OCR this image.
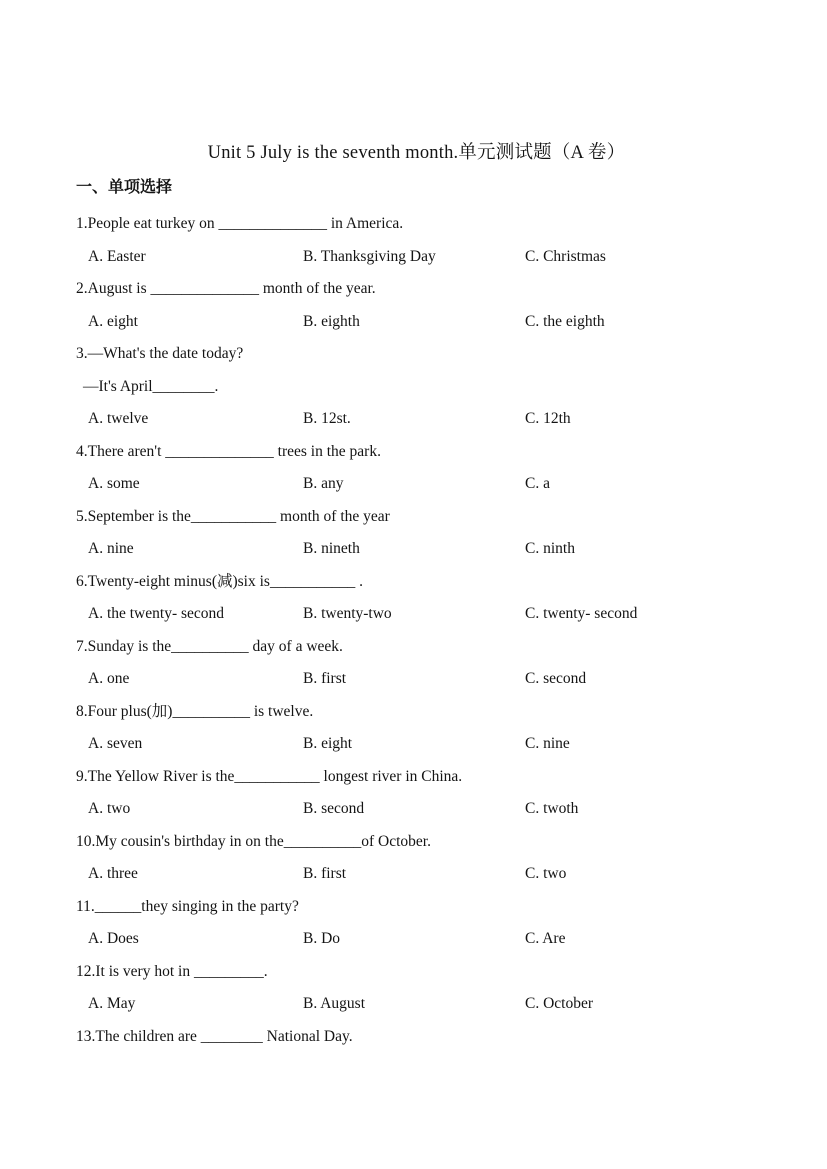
Unit 5 July is the seventh month.单元测试题（A 卷）
一、单项选择
1.People eat turkey on ______________ in America.
A. Easter	B. Thanksgiving Day	C. Christmas
2.August is ______________ month of the year.
A. eight	B. eighth	C. the eighth
3.—What's the date today?
—It's April________.
A. twelve	B. 12st.	C. 12th
4.There aren't ______________ trees in the park.
A. some	B. any	C. a
5.September is the___________ month of the year
A. nine	B. nineth	C. ninth
6.Twenty-eight minus(减)six is___________ .
A. the twenty- second	B. twenty-two	C. twenty- second
7.Sunday is the__________ day of a week.
A. one	B. first	C. second
8.Four plus(加)__________ is twelve.
A. seven	B. eight	C. nine
9.The Yellow River is the___________ longest river in China.
A. two	B. second	C. twoth
10.My cousin's birthday in on the__________of October.
A. three	B. first	C. two
11.______they singing in the party?
A. Does	B. Do	C. Are
12.It is very hot in _________.
A. May	B. August	C. October
13.The children are ________ National Day.
